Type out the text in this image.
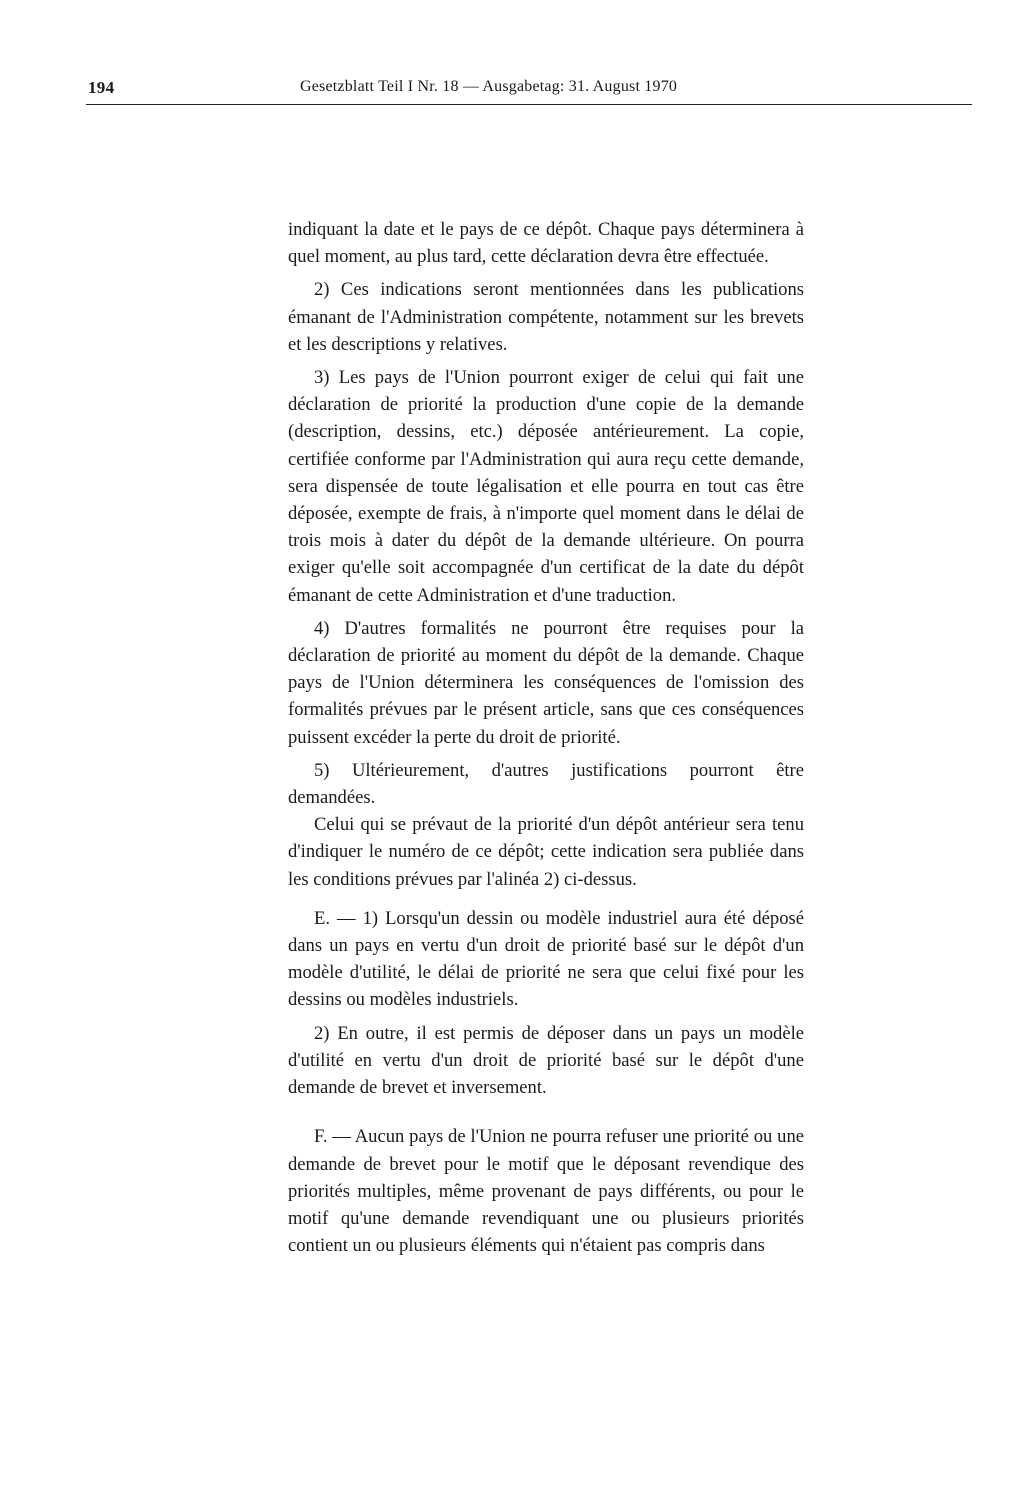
194	Gesetzblatt Teil I Nr. 18 — Ausgabetag: 31. August 1970

indiquant la date et le pays de ce dépôt. Chaque pays déterminera à quel moment, au plus tard, cette déclaration devra être effectuée.

2) Ces indications seront mentionnées dans les publications émanant de l'Administration compétente, notamment sur les brevets et les descriptions y relatives.

3) Les pays de l'Union pourront exiger de celui qui fait une déclaration de priorité la production d'une copie de la demande (description, dessins, etc.) déposée antérieurement. La copie, certifiée conforme par l'Administration qui aura reçu cette demande, sera dispensée de toute légalisation et elle pourra en tout cas être déposée, exempte de frais, à n'importe quel moment dans le délai de trois mois à dater du dépôt de la demande ultérieure. On pourra exiger qu'elle soit accompagnée d'un certificat de la date du dépôt émanant de cette Administration et d'une traduction.

4) D'autres formalités ne pourront être requises pour la déclaration de priorité au moment du dépôt de la demande. Chaque pays de l'Union déterminera les conséquences de l'omission des formalités prévues par le présent article, sans que ces conséquences puissent excéder la perte du droit de priorité.

5) Ultérieurement, d'autres justifications pourront être demandées.

Celui qui se prévaut de la priorité d'un dépôt antérieur sera tenu d'indiquer le numéro de ce dépôt; cette indication sera publiée dans les conditions prévues par l'alinéa 2) ci-dessus.

E. — 1) Lorsqu'un dessin ou modèle industriel aura été déposé dans un pays en vertu d'un droit de priorité basé sur le dépôt d'un modèle d'utilité, le délai de priorité ne sera que celui fixé pour les dessins ou modèles industriels.

2) En outre, il est permis de déposer dans un pays un modèle d'utilité en vertu d'un droit de priorité basé sur le dépôt d'une demande de brevet et inversement.

F. — Aucun pays de l'Union ne pourra refuser une priorité ou une demande de brevet pour le motif que le déposant revendique des priorités multiples, même provenant de pays différents, ou pour le motif qu'une demande revendiquant une ou plusieurs priorités contient un ou plusieurs éléments qui n'étaient pas compris dans
